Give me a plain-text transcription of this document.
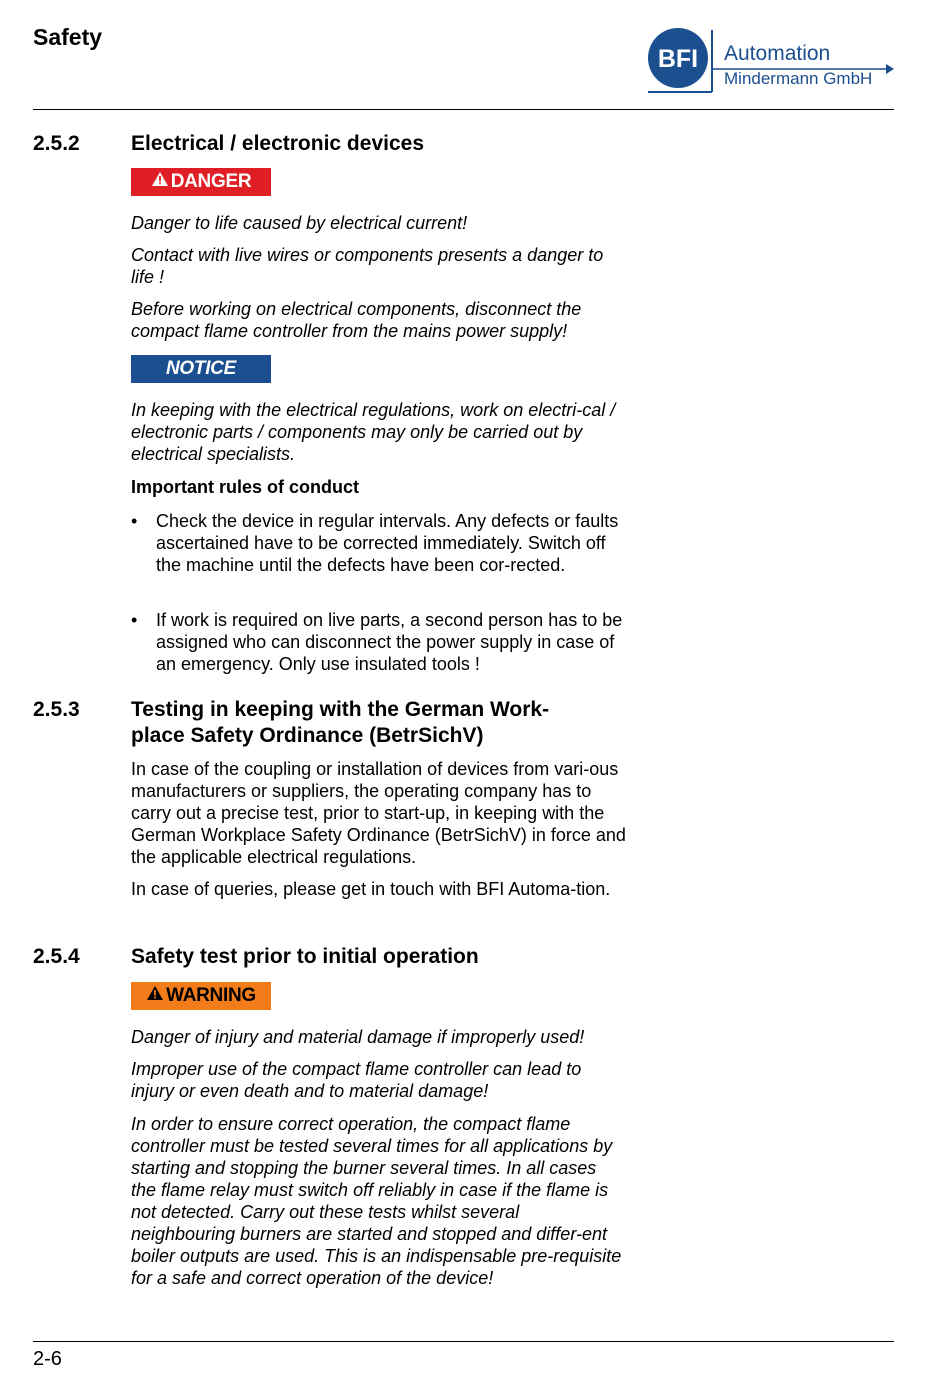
Safety
BFI Automation
Mindermann GmbH
2.5.2 Electrical / electronic devices
DANGER
Danger to life caused by electrical current!
Contact with live wires or components presents a danger to life !
Before working on electrical components, disconnect the compact flame controller from the mains power supply!
NOTICE
In keeping with the electrical regulations, work on electri-cal / electronic parts / components may only be carried out by electrical specialists.
Important rules of conduct
• Check the device in regular intervals. Any defects or faults ascertained have to be corrected immediately. Switch off the machine until the defects have been cor-rected.
• If work is required on live parts, a second person has to be assigned who can disconnect the power supply in case of an emergency. Only use insulated tools !
2.5.3 Testing in keeping with the German Work-place Safety Ordinance (BetrSichV)
In case of the coupling or installation of devices from vari-ous manufacturers or suppliers, the operating company has to carry out a precise test, prior to start-up, in keeping with the German Workplace Safety Ordinance (BetrSichV) in force and the applicable electrical regulations.
In case of queries, please get in touch with BFI Automa-tion.
2.5.4 Safety test prior to initial operation
WARNING
Danger of injury and material damage if improperly used!
Improper use of the compact flame controller can lead to injury or even death and to material damage!
In order to ensure correct operation, the compact flame controller must be tested several times for all applications by starting and stopping the burner several times. In all cases the flame relay must switch off reliably in case if the flame is not detected. Carry out these tests whilst several neighbouring burners are started and stopped and differ-ent boiler outputs are used. This is an indispensable pre-requisite for a safe and correct operation of the device!
2-6
